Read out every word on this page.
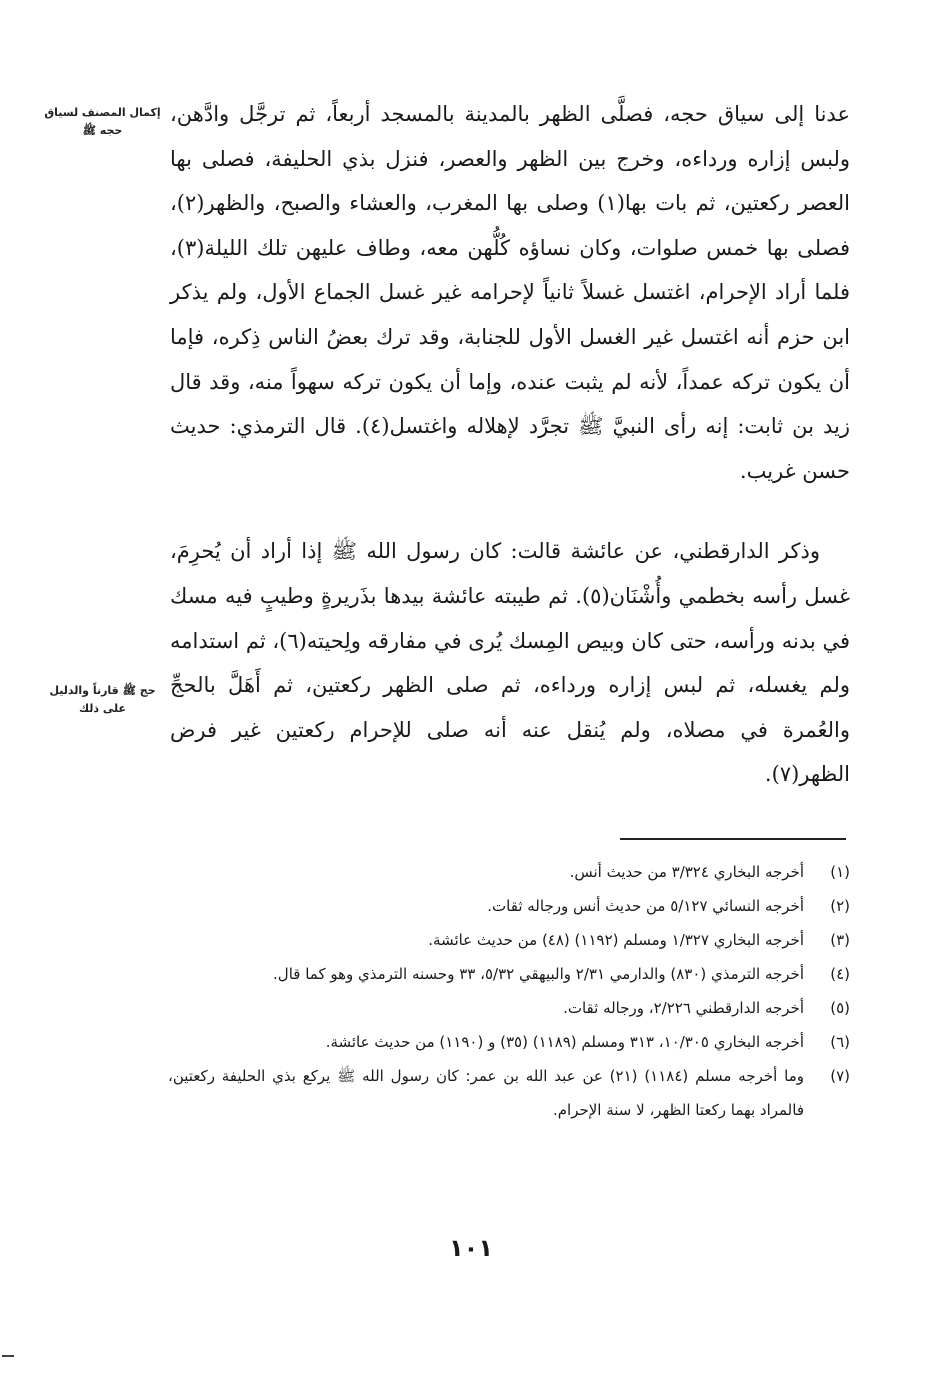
إكمال المصنف لسياق حجه ﷺ
حج ﷺ قارناً والدليل على ذلك

عدنا إلى سياق حجه، فصلَّى الظهر بالمدينة بالمسجد أربعاً، ثم ترجَّل وادَّهن، ولبس إزاره ورداءه، وخرج بين الظهر والعصر، فنزل بذي الحليفة، فصلى بها العصر ركعتين، ثم بات بها(١) وصلى بها المغرب، والعشاء والصبح، والظهر(٢)، فصلى بها خمس صلوات، وكان نساؤه كُلُّهن معه، وطاف عليهن تلك الليلة(٣)، فلما أراد الإحرام، اغتسل غسلاً ثانياً لإحرامه غير غسل الجماع الأول، ولم يذكر ابن حزم أنه اغتسل غير الغسل الأول للجنابة، وقد ترك بعضُ الناس ذِكره، فإما أن يكون تركه عمداً، لأنه لم يثبت عنده، وإما أن يكون تركه سهواً منه، وقد قال زيد بن ثابت: إنه رأى النبيَّ ﷺ تجرَّد لإهلاله واغتسل(٤). قال الترمذي: حديث حسن غريب.

وذكر الدارقطني، عن عائشة قالت: كان رسول الله ﷺ إذا أراد أن يُحرِمَ، غسل رأسه بخطمي وأُشْنَان(٥). ثم طيبته عائشة بيدها بذَريرةٍ وطيبٍ فيه مسك في بدنه ورأسه، حتى كان وبيص المِسك يُرى في مفارقه ولِحيته(٦)، ثم استدامه ولم يغسله، ثم لبس إزاره ورداءه، ثم صلى الظهر ركعتين، ثم أَهَلَّ بالحجِّ والعُمرة في مصلاه، ولم يُنقل عنه أنه صلى للإحرام ركعتين غير فرض الظهر(٧).

(١)
أخرجه البخاري ٣/٣٢٤ من حديث أنس.
(٢)
أخرجه النسائي ٥/١٢٧ من حديث أنس ورجاله ثقات.
(٣)
أخرجه البخاري ١/٣٢٧ ومسلم (١١٩٢) (٤٨) من حديث عائشة.
(٤)
أخرجه الترمذي (٨٣٠) والدارمي ٢/٣١ والبيهقي ٥/٣٢، ٣٣ وحسنه الترمذي وهو كما قال.
(٥)
أخرجه الدارقطني ٢/٢٢٦، ورجاله ثقات.
(٦)
أخرجه البخاري ١٠/٣٠٥، ٣١٣ ومسلم (١١٨٩) (٣٥) و (١١٩٠) من حديث عائشة.
(٧)
وما أخرجه مسلم (١١٨٤) (٢١) عن عبد الله بن عمر: كان رسول الله ﷺ يركع بذي الحليفة ركعتين، فالمراد بهما ركعتا الظهر، لا سنة الإحرام.
١٠١
